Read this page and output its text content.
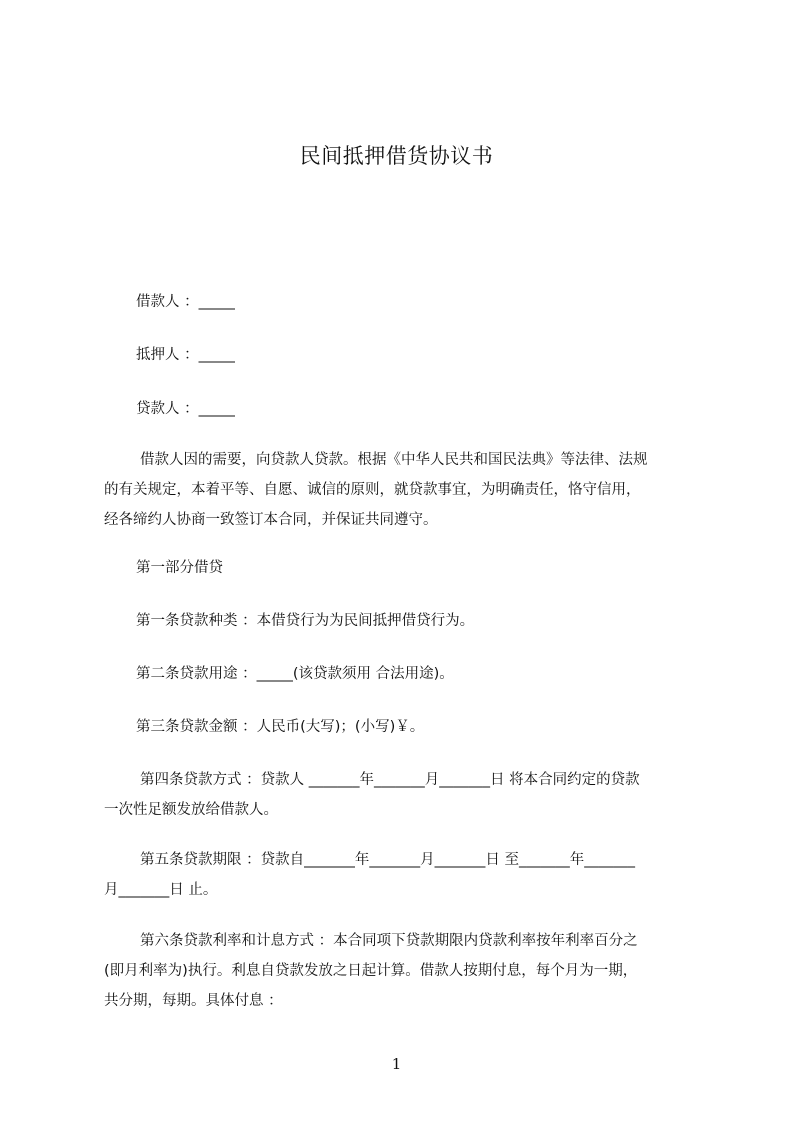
民间抵押借货协议书
借款人 ：_____
抵押人 ：_____
贷款人 ：_____
借款人因的需要，向贷款人贷款。根据《中华人民共和国民法典》等法律、法规
的有关规定，本着平等、自愿、诚信的原则，就贷款事宜，为明确责任，恪守信用，
经各缔约人协商一致签订本合同，并保证共同遵守。
第一部分借贷
第一条贷款种类 ：本借贷行为为民间抵押借贷行为。
第二条贷款用途 ：_____(该贷款须用 合法用途)。
第三条贷款金额 ：人民币(大写)；(小写)￥。
第四条贷款方式 ：贷款人 _______年_______月_______日 将本合同约定的贷款
一次性足额发放给借款人。
第五条贷款期限 ：贷款自_______年_______月_______日 至_______年_______
月_______日 止。
第六条贷款利率和计息方式 ：本合同项下贷款期限内贷款利率按年利率百分之
(即月利率为)执行。利息自贷款发放之日起计算。借款人按期付息，每个月为一期，
共分期，每期。具体付息 ：
1
